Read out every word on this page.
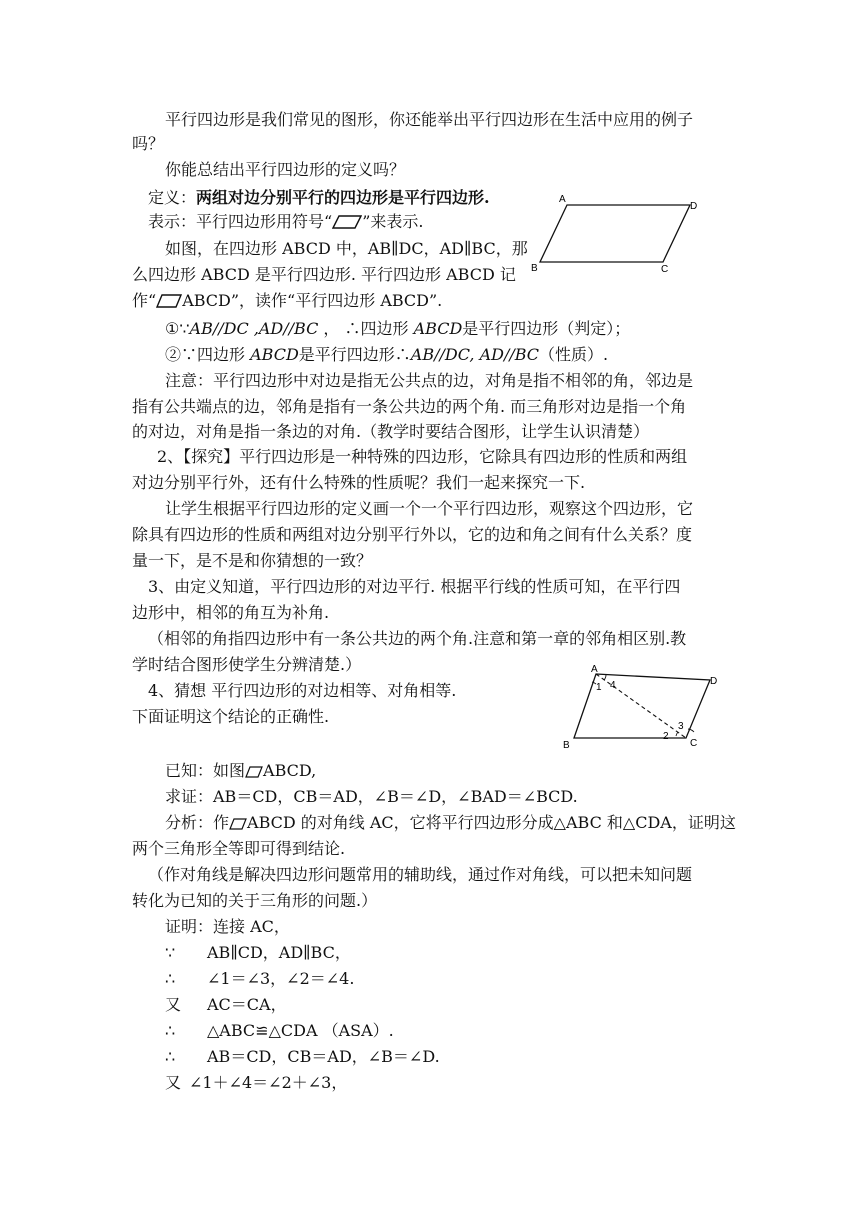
平行四边形是我们常见的图形，你还能举出平行四边形在生活中应用的例子
吗？
你能总结出平行四边形的定义吗？
定义：两组对边分别平行的四边形是平行四边形.
表示：平行四边形用符号“ ”来表示.
如图，在四边形 ABCD 中，AB∥DC，AD∥BC，那
么四边形 ABCD 是平行四边形. 平行四边形 ABCD 记
作“ ABCD”，读作“平行四边形 ABCD”.
A
D
B	C
①∵AB//DC ,AD//BC ， ∴四边形 ABCD是平行四边形（判定）；
②∵四边形 ABCD是平行四边形∴AB//DC, AD//BC（性质）.
注意：平行四边形中对边是指无公共点的边，对角是指不相邻的角，邻边是
指有公共端点的边，邻角是指有一条公共边的两个角. 而三角形对边是指一个角
的对边，对角是指一条边的对角.（教学时要结合图形，让学生认识清楚）
2、【探究】平行四边形是一种特殊的四边形，它除具有四边形的性质和两组
对边分别平行外，还有什么特殊的性质呢？我们一起来探究一下.
让学生根据平行四边形的定义画一个一个平行四边形，观察这个四边形，它
除具有四边形的性质和两组对边分别平行外以，它的边和角之间有什么关系？度
量一下，是不是和你猜想的一致？
3、由定义知道，平行四边形的对边平行. 根据平行线的性质可知，在平行四
边形中，相邻的角互为补角.
（相邻的角指四边形中有一条公共边的两个角.注意和第一章的邻角相区别.教
学时结合图形使学生分辨清楚.）
4、猜想 平行四边形的对边相等、对角相等.
下面证明这个结论的正确性.
A
D
B	C
1 4
2
3
已知：如图 ABCD,
求证：AB＝CD，CB＝AD，∠B＝∠D，∠BAD＝∠BCD.
分析：作 ABCD 的对角线 AC，它将平行四边形分成△ABC 和△CDA，证明这
两个三角形全等即可得到结论.
（作对角线是解决四边形问题常用的辅助线，通过作对角线，可以把未知问题
转化为已知的关于三角形的问题.）
证明：连接 AC，
∵ AB∥CD，AD∥BC，
∴ ∠1＝∠3，∠2＝∠4.
又 AC＝CA，
∴ △ABC≌△CDA （ASA）.
∴ AB＝CD，CB＝AD，∠B＝∠D.
又 ∠1＋∠4＝∠2＋∠3，
